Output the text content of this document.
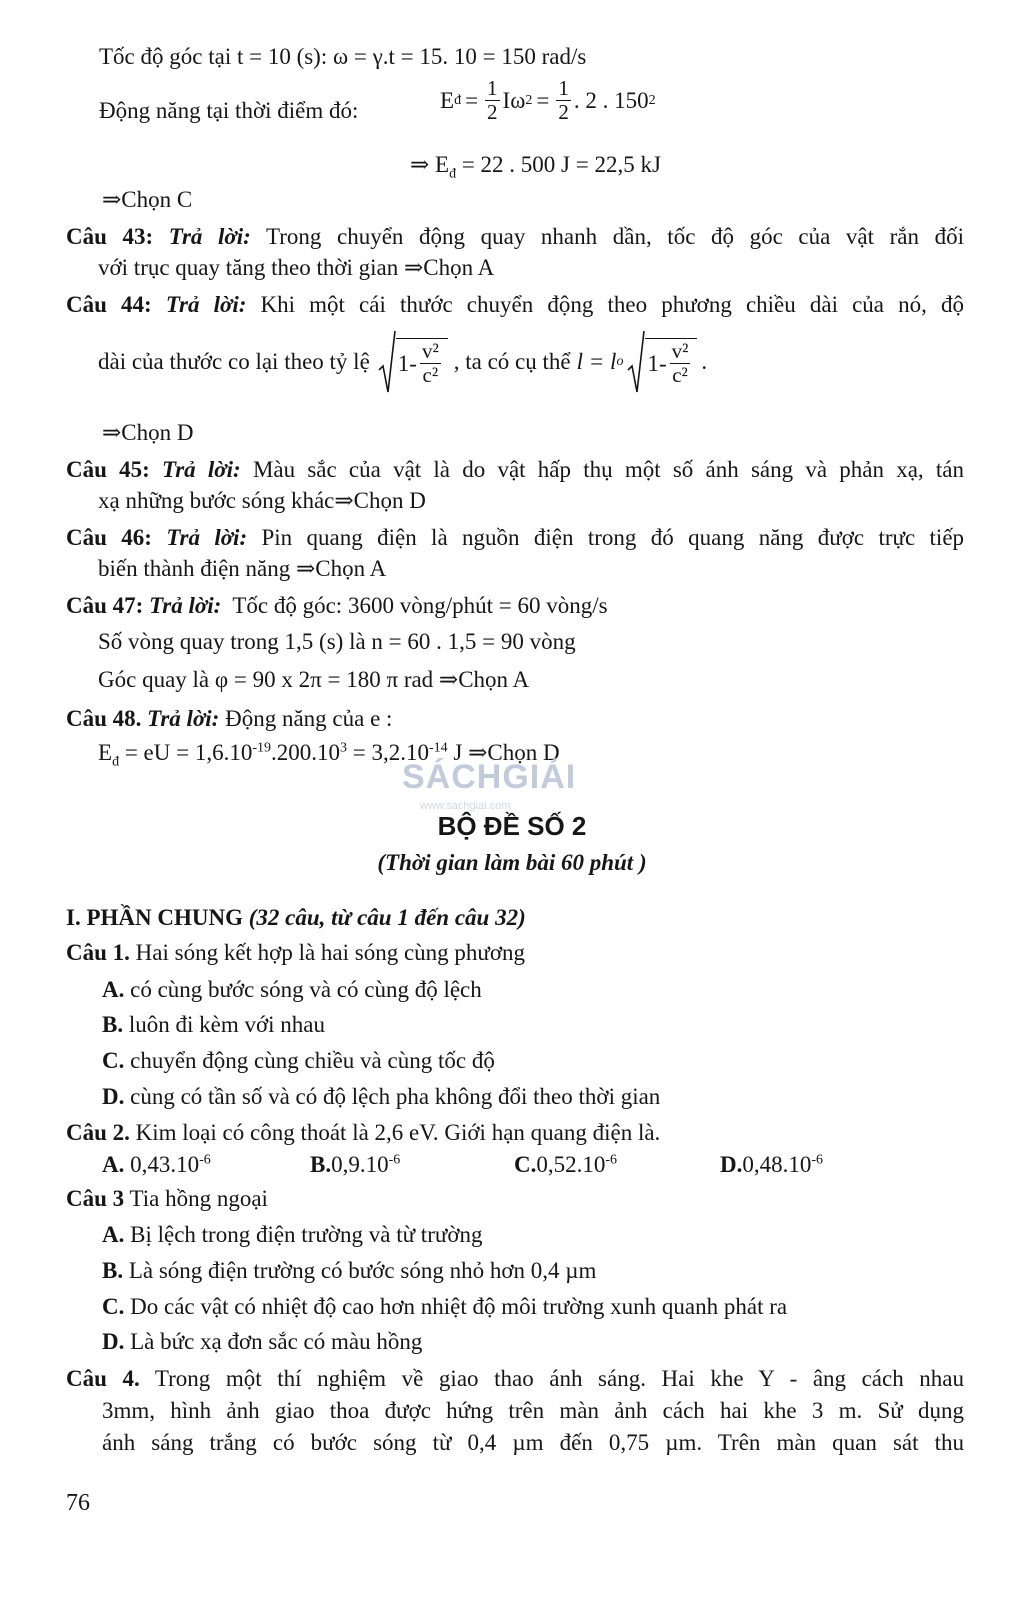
Tốc độ góc tại t = 10 (s): ω = γ.t = 15. 10 = 150 rad/s
Động năng tại thời điểm đó:	E đ = $\frac{1}{2}$ Iω $2 = \frac{1}{2}$ . 2 . 150 2
⇒ $E_đ = 22$ . 500 J = 22,5 kJ
⇒Chọn C
Câu 43: Trả lời: Trong chuyển động quay nhanh dần, tốc độ góc của vật rắn đối
với trục quay tăng theo thời gian ⇒Chọn A
Câu 44: Trả lời: Khi một cái thước chuyển động theo phương chiều dài của nó, độ
dài của thước co lại theo tỷ lệ $1- \frac{\text{v²}}{\text{c²}}$ , ta có cụ thể l = l o $1- \frac{\text{v²}}{\text{c²}}$ .
⇒Chọn D
Câu 45: Trả lời: Màu sắc của vật là do vật hấp thụ một số ánh sáng và phản xạ, tán
xạ những bước sóng khác⇒Chọn D
Câu 46: Trả lời: Pin quang điện là nguồn điện trong đó quang năng được trực tiếp
biến thành điện năng ⇒Chọn A
Câu 47: Trả lời: Tốc độ góc: 3600 vòng/phút = 60 vòng/s
Số vòng quay trong 1,5 (s) là n = 60 . 1,5 = 90 vòng
Góc quay là φ = 90 x 2π = 180 π rad ⇒Chọn A
Câu 48. Trả lời: Động năng của e :
$E_đ$ = eU = $1,6.10^{-19}.200.10^3 = 3,2.10^{-14}$ J ⇒Chọn D
SÁCHGIẢI
www.sachgiai.com
BỘ ĐỀ SỐ 2
(Thời gian làm bài 60 phút )
I. PHẦN CHUNG (32 câu, từ câu 1 đến câu 32)
Câu 1. Hai sóng kết hợp là hai sóng cùng phương
A. có cùng bước sóng và có cùng độ lệch
B. luôn đi kèm với nhau
C. chuyển động cùng chiều và cùng tốc độ
D. cùng có tần số và có độ lệch pha không đổi theo thời gian
Câu 2. Kim loại có công thoát là 2,6 eV. Giới hạn quang điện là.
A. $0,43.10^{-6}$	$B.0,9.10^{-6}$	$C.0,52.10^{-6}$	$D.0,48.10^{-6}$
Câu 3 Tia hồng ngoại
A. Bị lệch trong điện trường và từ trường
B. Là sóng điện trường có bước sóng nhỏ hơn 0,4 µm
C. Do các vật có nhiệt độ cao hơn nhiệt độ môi trường xunh quanh phát ra
D. Là bức xạ đơn sắc có màu hồng
Câu 4. Trong một thí nghiệm về giao thao ánh sáng. Hai khe Y - âng cách nhau
3mm, hình ảnh giao thoa được hứng trên màn ảnh cách hai khe 3 m. Sử dụng
ánh sáng trắng có bước sóng từ 0,4 µm đến 0,75 µm. Trên màn quan sát thu
76
